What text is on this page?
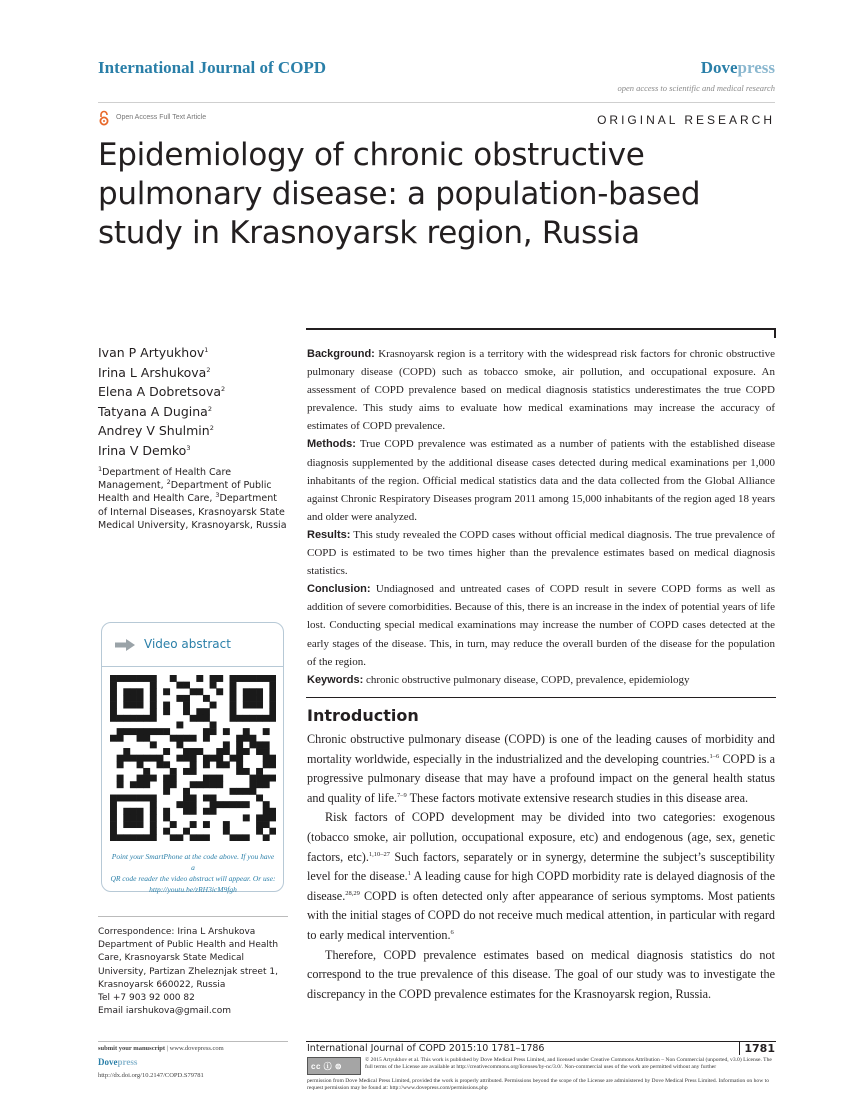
International Journal of COPD	Dovepress
open access to scientific and medical research
Open Access Full Text Article	ORIGINAL RESEARCH
Epidemiology of chronic obstructive pulmonary disease: a population-based study in Krasnoyarsk region, Russia
Ivan P Artyukhov$^1$
Irina L Arshukova$^2$
Elena A Dobretsova$^2$
Tatyana A Dugina$^2$
Andrey V Shulmin$^2$
Irina V Demko$^3$
$^1$Department of Health Care Management, $^2$Department of Public Health and Health Care, $^3$Department of Internal Diseases, Krasnoyarsk State Medical University, Krasnoyarsk, Russia
Video abstract
Point your SmartPhone at the code above. If you have a
QR code reader the video abstract will appear. Or use:
http://youtu.be/zRH3icM9fgh
Correspondence: Irina L Arshukova
Department of Public Health and Health
Care, Krasnoyarsk State Medical
University, Partizan Zheleznjak street 1,
Krasnoyarsk 660022, Russia
Tel +7 903 92 000 82
Email iarshukova@gmail.com

Background: Krasnoyarsk region is a territory with the widespread risk factors for chronic obstructive pulmonary disease (COPD) such as tobacco smoke, air pollution, and occupational exposure. An assessment of COPD prevalence based on medical diagnosis statistics underestimates the true COPD prevalence. This study aims to evaluate how medical examinations may increase the accuracy of estimates of COPD prevalence.

Methods: True COPD prevalence was estimated as a number of patients with the established disease diagnosis supplemented by the additional disease cases detected during medical examinations per 1,000 inhabitants of the region. Official medical statistics data and the data collected from the Global Alliance against Chronic Respiratory Diseases program 2011 among 15,000 inhabitants of the region aged 18 years and older were analyzed.

Results: This study revealed the COPD cases without official medical diagnosis. The true prevalence of COPD is estimated to be two times higher than the prevalence estimates based on medical diagnosis statistics.

Conclusion: Undiagnosed and untreated cases of COPD result in severe COPD forms as well as addition of severe comorbidities. Because of this, there is an increase in the index of potential years of life lost. Conducting special medical examinations may increase the number of COPD cases detected at the early stages of the disease. This, in turn, may reduce the overall burden of the disease for the population of the region.

Keywords: chronic obstructive pulmonary disease, COPD, prevalence, epidemiology

Introduction

Chronic obstructive pulmonary disease (COPD) is one of the leading causes of morbidity and mortality worldwide, especially in the industrialized and the developing countries.$^{1-6}$ COPD is a progressive pulmonary disease that may have a profound impact on the general health status and quality of life.$^{7-9}$ These factors motivate extensive research studies in this disease area.

Risk factors of COPD development may be divided into two categories: exogenous (tobacco smoke, air pollution, occupational exposure, etc) and endogenous (age, sex, genetic factors, etc).$^{1,10-27}$ Such factors, separately or in synergy, determine the subject’s susceptibility level for the disease.$^1$ A leading cause for high COPD morbidity rate is delayed diagnosis of the disease.$^{28,29}$ COPD is often detected only after appearance of serious symptoms. Most patients with the initial stages of COPD do not receive much medical attention, in particular with regard to early medical intervention.$^6$

Therefore, COPD prevalence estimates based on medical diagnosis statistics do not correspond to the true prevalence of this disease. The goal of our study was to investigate the discrepancy in the COPD prevalence estimates for the Krasnoyarsk region, Russia.

submit your manuscript | www.dovepress.com
Dovepress
http://dx.doi.org/10.2147/COPD.S79781
International Journal of COPD 2015:10 1781–1786	1781
cc ⓘ ⊜
© 2015 Artyukhov et al. This work is published by Dove Medical Press Limited, and licensed under Creative Commons Attribution – Non Commercial (unported, v3.0) License. The full terms of the License are available at http://creativecommons.org/licenses/by-nc/3.0/. Non-commercial uses of the work are permitted without any further
permission from Dove Medical Press Limited, provided the work is properly attributed. Permissions beyond the scope of the License are administered by Dove Medical Press Limited. Information on how to request permission may be found at: http://www.dovepress.com/permissions.php
